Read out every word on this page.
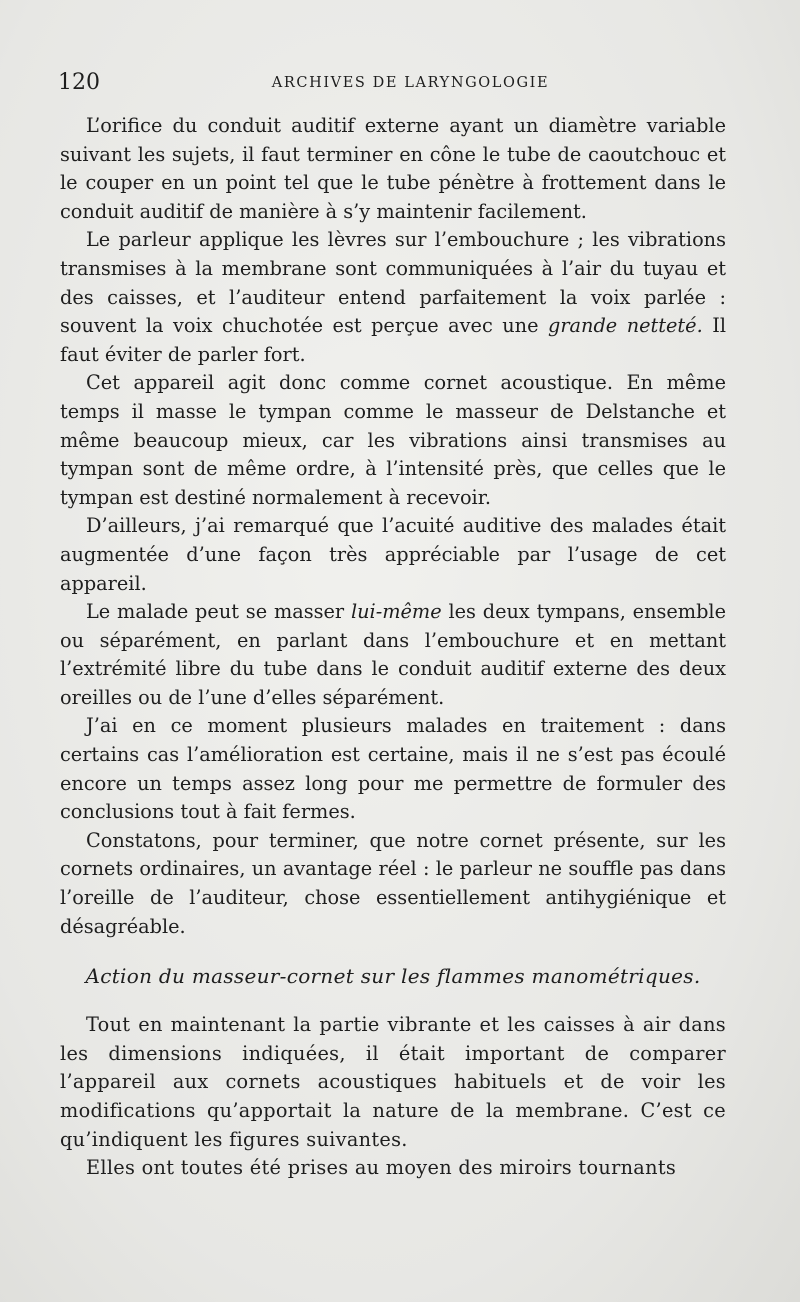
120	ARCHIVES DE LARYNGOLOGIE

L’orifice du conduit auditif externe ayant un diamètre variable suivant les sujets, il faut terminer en cône le tube de caoutchouc et le couper en un point tel que le tube pénètre à frottement dans le conduit auditif de manière à s’y maintenir facilement.

Le parleur applique les lèvres sur l’embouchure ; les vibrations transmises à la membrane sont communiquées à l’air du tuyau et des caisses, et l’auditeur entend parfaitement la voix parlée : souvent la voix chuchotée est perçue avec une grande netteté. Il faut éviter de parler fort.

Cet appareil agit donc comme cornet acoustique. En même temps il masse le tympan comme le masseur de Delstanche et même beaucoup mieux, car les vibrations ainsi transmises au tympan sont de même ordre, à l’intensité près, que celles que le tympan est destiné normalement à recevoir.

D’ailleurs, j’ai remarqué que l’acuité auditive des malades était augmentée d’une façon très appréciable par l’usage de cet appareil.

Le malade peut se masser lui-même les deux tympans, ensemble ou séparément, en parlant dans l’embouchure et en mettant l’extrémité libre du tube dans le conduit auditif externe des deux oreilles ou de l’une d’elles séparément.

J’ai en ce moment plusieurs malades en traitement : dans certains cas l’amélioration est certaine, mais il ne s’est pas écoulé encore un temps assez long pour me permettre de formuler des conclusions tout à fait fermes.

Constatons, pour terminer, que notre cornet présente, sur les cornets ordinaires, un avantage réel : le parleur ne souffle pas dans l’oreille de l’auditeur, chose essentiellement antihygiénique et désagréable.

Action du masseur-cornet sur les flammes manométriques.

Tout en maintenant la partie vibrante et les caisses à air dans les dimensions indiquées, il était important de comparer l’appareil aux cornets acoustiques habituels et de voir les modifications qu’apportait la nature de la membrane. C’est ce qu’indiquent les figures suivantes.

Elles ont toutes été prises au moyen des miroirs tournants
